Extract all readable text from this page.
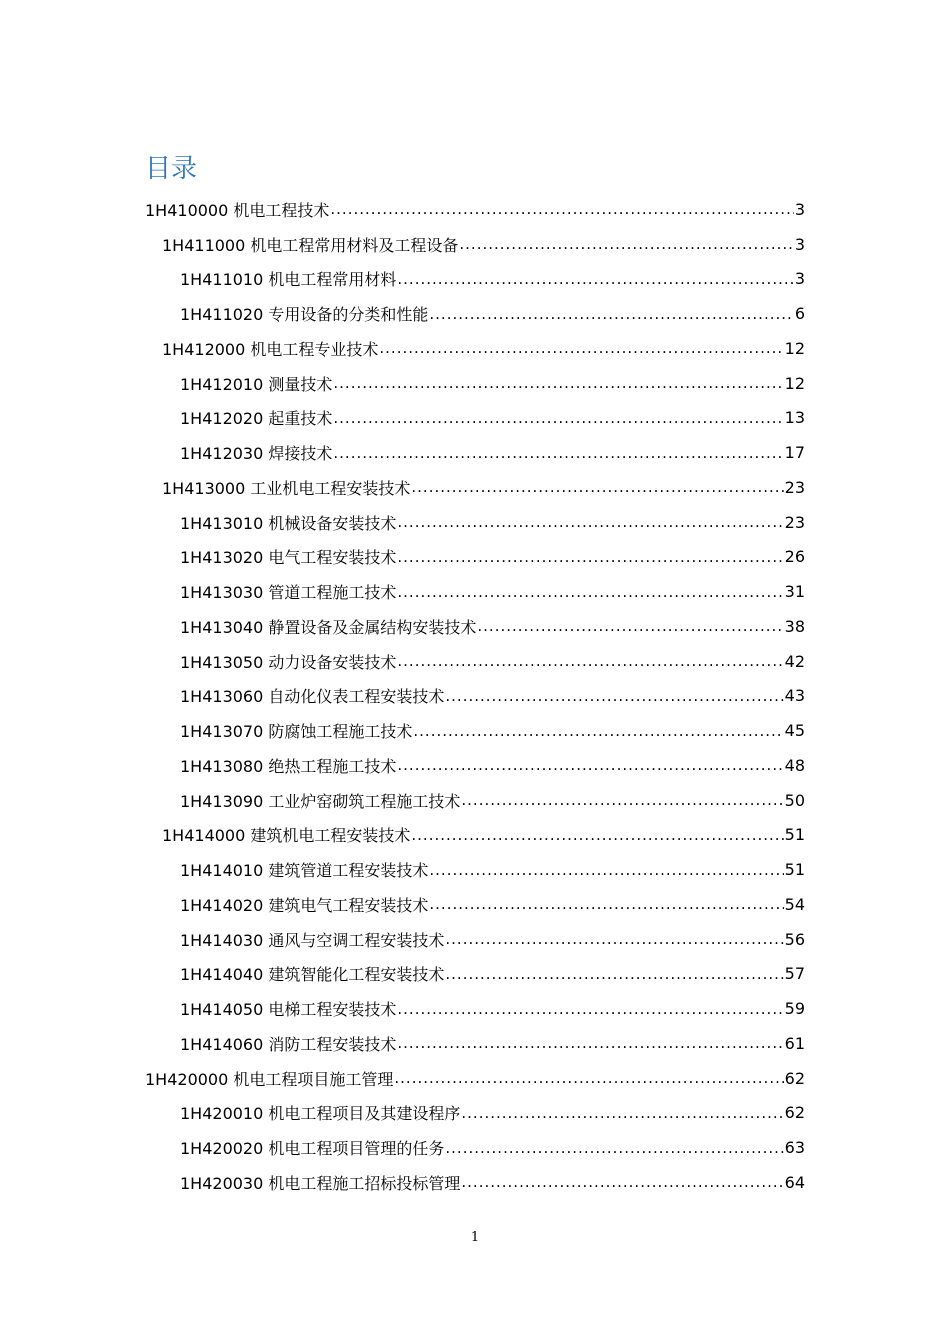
目录
1H410000 机电工程技术 .....	3
1H411000 机电工程常用材料及工程设备 .....	3
1H411010 机电工程常用材料 .....	3
1H411020 专用设备的分类和性能 .....	6
1H412000 机电工程专业技术 .....	12
1H412010 测量技术 .....	12
1H412020 起重技术 .....	13
1H412030 焊接技术 .....	17
1H413000 工业机电工程安装技术 .....	23
1H413010 机械设备安装技术 .....	23
1H413020 电气工程安装技术 .....	26
1H413030 管道工程施工技术 .....	31
1H413040 静置设备及金属结构安装技术 .....	38
1H413050 动力设备安装技术 .....	42
1H413060 自动化仪表工程安装技术 .....	43
1H413070 防腐蚀工程施工技术 .....	45
1H413080 绝热工程施工技术 .....	48
1H413090 工业炉窑砌筑工程施工技术 .....	50
1H414000 建筑机电工程安装技术 .....	51
1H414010 建筑管道工程安装技术 .....	51
1H414020 建筑电气工程安装技术 .....	54
1H414030 通风与空调工程安装技术 .....	56
1H414040 建筑智能化工程安装技术 .....	57
1H414050 电梯工程安装技术 .....	59
1H414060 消防工程安装技术 .....	61
1H420000 机电工程项目施工管理 .....	62
1H420010 机电工程项目及其建设程序 .....	62
1H420020 机电工程项目管理的任务 .....	63
1H420030 机电工程施工招标投标管理 .....	64
1
